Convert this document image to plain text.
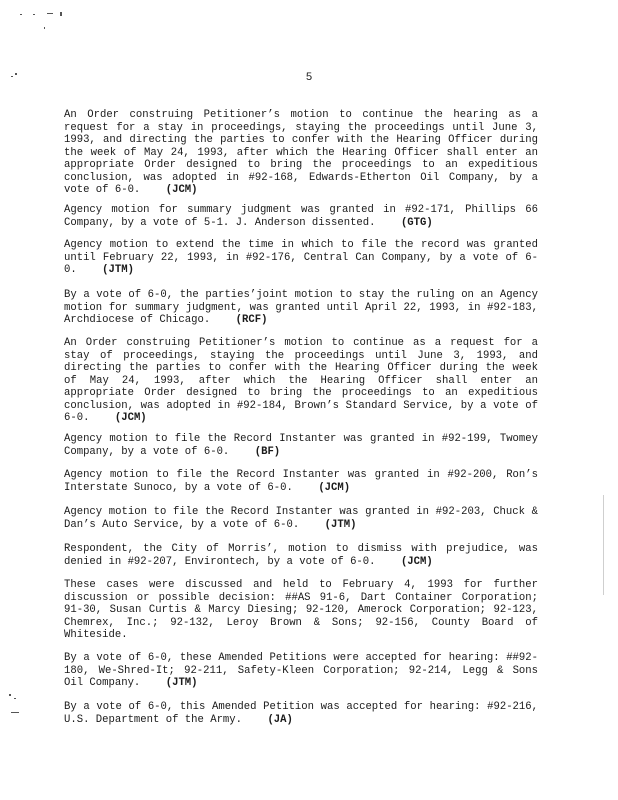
5
An Order construing Petitioner’s motion to continue the hearing as a request for a stay in proceedings, staying the proceedings until June 3, 1993, and directing the parties to confer with the Hearing Officer during the week of May 24, 1993, after which the Hearing Officer shall enter an appropriate Order designed to bring the proceedings to an expeditious conclusion, was adopted in #92-168, Edwards-Etherton Oil Company, by a vote of 6-0. (JCM)
Agency motion for summary judgment was granted in #92-171, Phillips 66 Company, by a vote of 5-1. J. Anderson dissented. (GTG)
Agency motion to extend the time in which to file the record was granted until February 22, 1993, in #92-176, Central Can Company, by a vote of 6-0. (JTM)
By a vote of 6-0, the parties’joint motion to stay the ruling on an Agency motion for summary judgment, was granted until April 22, 1993, in #92-183, Archdiocese of Chicago. (RCF)
An Order construing Petitioner’s motion to continue as a request for a stay of proceedings, staying the proceedings until June 3, 1993, and directing the parties to confer with the Hearing Officer during the week of May 24, 1993, after which the Hearing Officer shall enter an appropriate Order designed to bring the proceedings to an expeditious conclusion, was adopted in #92-184, Brown’s Standard Service, by a vote of 6-0. (JCM)
Agency motion to file the Record Instanter was granted in #92-199, Twomey Company, by a vote of 6-0. (BF)
Agency motion to file the Record Instanter was granted in #92-200, Ron’s Interstate Sunoco, by a vote of 6-0. (JCM)
Agency motion to file the Record Instanter was granted in #92-203, Chuck & Dan’s Auto Service, by a vote of 6-0. (JTM)
Respondent, the City of Morris’, motion to dismiss with prejudice, was denied in #92-207, Environtech, by a vote of 6-0. (JCM)
These cases were discussed and held to February 4, 1993 for further discussion or possible decision: ##AS 91-6, Dart Container Corporation; 91-30, Susan Curtis & Marcy Diesing; 92-120, Amerock Corporation; 92-123, Chemrex, Inc.; 92-132, Leroy Brown & Sons; 92-156, County Board of Whiteside.
By a vote of 6-0, these Amended Petitions were accepted for hearing: ##92-180, We-Shred-It; 92-211, Safety-Kleen Corporation; 92-214, Legg & Sons Oil Company. (JTM)
By a vote of 6-0, this Amended Petition was accepted for hearing: #92-216, U.S. Department of the Army. (JA)
